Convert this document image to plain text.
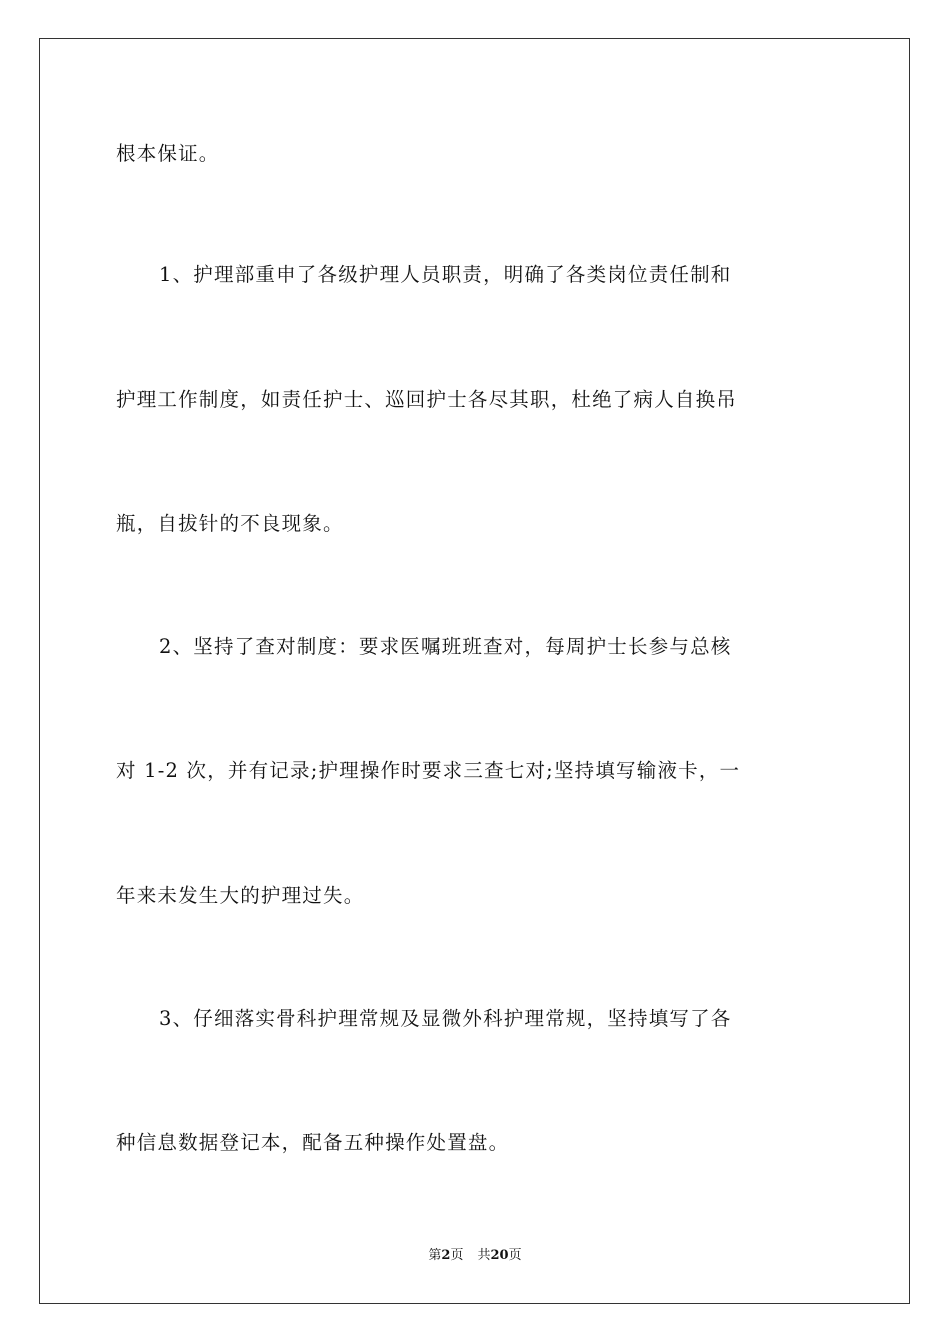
根本保证。
1、护理部重申了各级护理人员职责，明确了各类岗位责任制和
护理工作制度，如责任护士、巡回护士各尽其职，杜绝了病人自换吊
瓶，自拔针的不良现象。
2、坚持了查对制度：要求医嘱班班查对，每周护士长参与总核
对 1-2 次，并有记录;护理操作时要求三查七对;坚持填写输液卡，一
年来未发生大的护理过失。
3、仔细落实骨科护理常规及显微外科护理常规，坚持填写了各
种信息数据登记本，配备五种操作处置盘。
第2页 共20页
